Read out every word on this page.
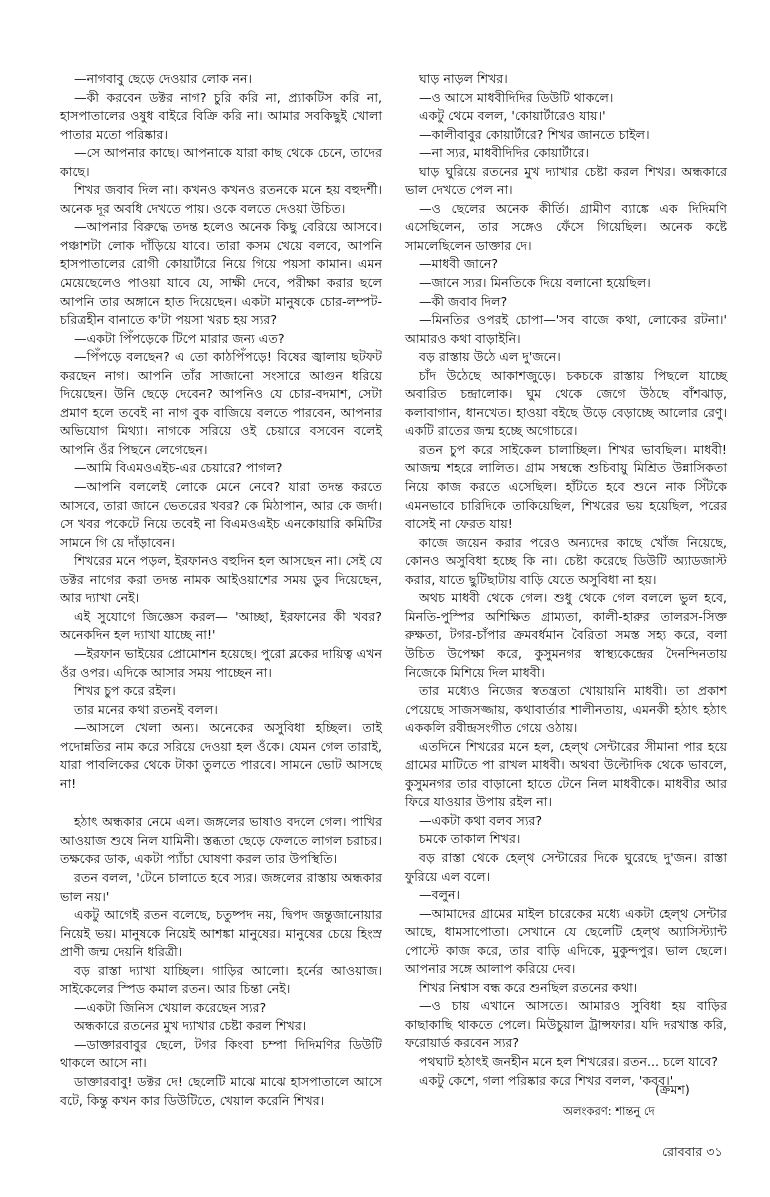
—নাগবাবু ছেড়ে দেওয়ার লোক নন।

—কী করবেন ডক্টর নাগ? চুরি করি না, প্র্যাকটিস করি না, হাসপাতালের ওষুধ বাইরে বিক্রি করি না। আমার সবকিছুই খোলা পাতার মতো পরিষ্কার।

—সে আপনার কাছে। আপনাকে যারা কাছ থেকে চেনে, তাদের কাছে।

শিখর জবাব দিল না। কখনও কখনও রতনকে মনে হয় বহুদর্শী। অনেক দূর অবধি দেখতে পায়। ওকে বলতে দেওয়া উচিত।

—আপনার বিরুদ্ধে তদন্ত হলেও অনেক কিছু বেরিয়ে আসবে। পঞ্চাশটা লোক দাঁড়িয়ে যাবে। তারা কসম খেয়ে বলবে, আপনি হাসপাতালের রোগী কোয়ার্টারে নিয়ে গিয়ে পয়সা কামান। এমন মেয়েছেলেও পাওয়া যাবে যে, সাক্ষী দেবে, পরীক্ষা করার ছলে আপনি তার অঙ্গানে হাত দিয়েছেন। একটা মানুষকে চোর-লম্পট-চরিত্রহীন বানাতে ক'টা পয়সা খরচ হয় স্যর?

—একটা পিঁপড়েকে টিপে মারার জন্য এত?

—পিঁপড়ে বলছেন? এ তো কাঠপিঁপড়ে! বিষের জ্বালায় ছটফট করছেন নাগ। আপনি তাঁর সাজানো সংসারে আগুন ধরিয়ে দিয়েছেন। উনি ছেড়ে দেবেন? আপনিও যে চোর-বদমাশ, সেটা প্রমাণ হলে তবেই না নাগ বুক বাজিয়ে বলতে পারবেন, আপনার অভিযোগ মিথ্যা। নাগকে সরিয়ে ওই চেয়ারে বসবেন বলেই আপনি ওঁর পিছনে লেগেছেন।

—আমি বিএমওএইচ-এর চেয়ারে? পাগল?

—আপনি বললেই লোকে মেনে নেবে? যারা তদন্ত করতে আসবে, তারা জানে ভেতরের খবর? কে মিঠাপান, আর কে জর্দা। সে খবর পকেটে নিয়ে তবেই না বিএমওএইচ এনকোয়ারি কমিটির সামনে গি য়ে দাঁড়াবেন।

শিখরের মনে পড়ল, ইরফানও বহুদিন হল আসছেন না। সেই যে ডক্টর নাগের করা তদন্ত নামক আইওয়াশের সময় ডুব দিয়েছেন, আর দ্যাখা নেই।

এই সুযোগে জিজ্ঞেস করল— 'আচ্ছা, ইরফানের কী খবর? অনেকদিন হল দ্যাখা যাচ্ছে না!'

—ইরফান ভাইয়ের প্রোমোশন হয়েছে। পুরো ব্লকের দায়িত্ব এখন ওঁর ওপর। এদিকে আসার সময় পাচ্ছেন না।

শিখর চুপ করে রইল।

তার মনের কথা রতনই বলল।

—আসলে খেলা অন্য। অনেকের অসুবিধা হচ্ছিল। তাই পদোন্নতির নাম করে সরিয়ে দেওয়া হল ওঁকে। যেমন গেল তারাই, যারা পাবলিকের থেকে টাকা তুলতে পারবে। সামনে ভোট আসছে না!

হঠাৎ অন্ধকার নেমে এল। জঙ্গলের ভাষাও বদলে গেল। পাখির আওয়াজ শুষে নিল যামিনী। স্তব্ধতা ছেড়ে ফেলতে লাগল চরাচর। তক্ষকের ডাক, একটা প্যাঁচা ঘোষণা করল তার উপস্থিতি।

রতন বলল, 'টেনে চালাতে হবে স্যর। জঙ্গলের রাস্তায় অন্ধকার ভাল নয়।'

একটু আগেই রতন বলেছে, চতুষ্পদ নয়, দ্বিপদ জন্তুজানোয়ার নিয়েই ভয়। মানুষকে নিয়েই আশঙ্কা মানুষের। মানুষের চেয়ে হিংস্র প্রাণী জন্ম দেয়নি ধরিত্রী।

বড় রাস্তা দ্যাখা যাচ্ছিল। গাড়ির আলো। হর্নের আওয়াজ। সাইকেলের স্পিড কমাল রতন। আর চিন্তা নেই।

—একটা জিনিস খেয়াল করেছেন স্যর?

অন্ধকারে রতনের মুখ দ্যাখার চেষ্টা করল শিখর।

—ডাক্তারবাবুর ছেলে, টগর কিংবা চম্পা দিদিমণির ডিউটি থাকলে আসে না।

ডাক্তারবাবু! ডক্টর দে! ছেলেটি মাঝে মাঝে হাসপাতালে আসে বটে, কিন্তু কখন কার ডিউটিতে, খেয়াল করেনি শিখর।

ঘাড় নাড়ল শিখর।

—ও আসে মাধবীদিদির ডিউটি থাকলে।

একটু থেমে বলল, 'কোয়ার্টারেও যায়।'

—কালীবাবুর কোয়ার্টারে? শিখর জানতে চাইল।

—না স্যর, মাধবীদিদির কোয়ার্টারে।

ঘাড় ঘুরিয়ে রতনের মুখ দ্যাখার চেষ্টা করল শিখর। অন্ধকারে ভাল দেখতে পেল না।

—ও ছেলের অনেক কীর্তি। গ্রামীণ ব্যাঙ্কে এক দিদিমণি এসেছিলেন, তার সঙ্গেও ফেঁসে গিয়েছিল। অনেক কষ্টে সামলেছিলেন ডাক্তার দে।

—মাধবী জানে?

—জানে স্যর। মিনতিকে দিয়ে বলানো হয়েছিল।

—কী জবাব দিল?

—মিনতির ওপরই চোপা—'সব বাজে কথা, লোকের রটনা।' আমারও কথা বাড়াইনি।

বড় রাস্তায় উঠে এল দু'জনে।

চাঁদ উঠেছে আকাশজুড়ে। চকচকে রাস্তায় পিছলে যাচ্ছে অবারিত চন্দ্রালোক। ঘুম থেকে জেগে উঠছে বাঁশঝাড়, কলাবাগান, ধানখেত। হাওয়া বইছে উড়ে বেড়াচ্ছে আলোর রেণু। একটি রাতের জন্ম হচ্ছে অগোচরে।

রতন চুপ করে সাইকেল চালাচ্ছিল। শিখর ভাবছিল। মাধবী! আজন্ম শহরে লালিত। গ্রাম সম্বন্ধে শুচিবায়ু মিশ্রিত উন্নাসিকতা নিয়ে কাজ করতে এসেছিল। হাঁটতে হবে শুনে নাক সিঁটকে এমনভাবে চারিদিকে তাকিয়েছিল, শিখরের ভয় হয়েছিল, পরের বাসেই না ফেরত যায়!

কাজে জয়েন করার পরেও অন্যদের কাছে খোঁজ নিয়েছে, কোনও অসুবিধা হচ্ছে কি না। চেষ্টা করেছে ডিউটি অ্যাডজাস্ট করার, যাতে ছুটিছাটায় বাড়ি যেতে অসুবিধা না হয়।

অথচ মাধবী থেকে গেল। শুধু থেকে গেল বললে ভুল হবে, মিনতি-পুস্পির অশিক্ষিত গ্রাম্যতা, কালী-হারুর তালরস-সিক্ত রুক্ষতা, টগর-চাঁপার ক্রমবর্ধমান বৈরিতা সমস্ত সহ্য করে, বলা উচিত উপেক্ষা করে, কুসুমনগর স্বাস্থ্যকেন্দ্রের দৈনন্দিনতায় নিজেকে মিশিয়ে দিল মাধবী।

তার মধ্যেও নিজের স্বতন্ত্রতা খোয়ায়নি মাধবী। তা প্রকাশ পেয়েছে সাজসজ্জায়, কথাবার্তার শালীনতায়, এমনকী হঠাৎ হঠাৎ এককলি রবীন্দ্রসংগীত গেয়ে ওঠায়।

এতদিনে শিখরের মনে হল, হেল্থ সেন্টারের সীমানা পার হয়ে গ্রামের মাটিতে পা রাখল মাধবী। অথবা উল্টোদিক থেকে ভাবলে, কুসুমনগর তার বাড়ানো হাতে টেনে নিল মাধবীকে। মাধবীর আর ফিরে যাওয়ার উপায় রইল না।

—একটা কথা বলব স্যর?

চমকে তাকাল শিখর।

বড় রাস্তা থেকে হেল্থ সেন্টারের দিকে ঘুরেছে দু'জন। রাস্তা ফুরিয়ে এল বলে।

—বলুন।

—আমাদের গ্রামের মাইল চারেকের মধ্যে একটা হেল্থ সেন্টার আছে, ধামসাপোতা। সেখানে যে ছেলেটি হেল্থ অ্যাসিস্ট্যান্ট পোস্টে কাজ করে, তার বাড়ি এদিকে, মুকুন্দপুর। ভাল ছেলে। আপনার সঙ্গে আলাপ করিয়ে দেব।

শিখর নিশ্বাস বন্ধ করে শুনছিল রতনের কথা।

—ও চায় এখানে আসতে। আমারও সুবিধা হয় বাড়ির কাছাকাছি থাকতে পেলে। মিউচুয়াল ট্রান্সফার। যদি দরখাস্ত করি, ফরোয়ার্ড করবেন স্যর?

পথঘাট হঠাৎই জনহীন মনে হল শিখরের। রতন... চলে যাবে?

একটু কেশে, গলা পরিষ্কার করে শিখর বলল, 'কবব।'

(ক্রমশ)
অলংকরণ: শান্তনু দে
রোববার ৩১
